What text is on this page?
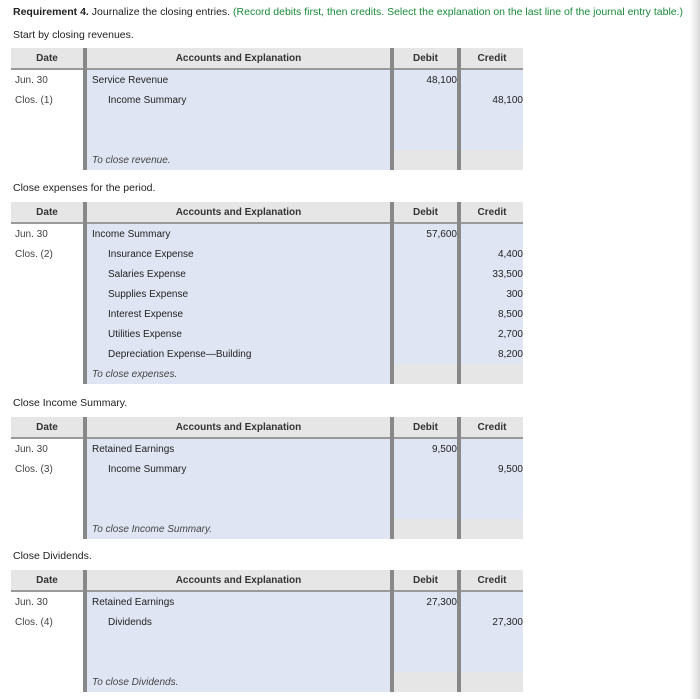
Requirement 4. Journalize the closing entries. (Record debits first, then credits. Select the explanation on the last line of the journal entry table.)
Start by closing revenues.
Date	Accounts and Explanation	Debit	Credit
Jun. 30	Service Revenue	48,100	
Clos. (1)	Income Summary		48,100

	To close revenue.		
Close expenses for the period.
Date	Accounts and Explanation	Debit	Credit
Jun. 30	Income Summary	57,600	
Clos. (2)	Insurance Expense		4,400
	Salaries Expense		33,500
	Supplies Expense		300
	Interest Expense		8,500
	Utilities Expense		2,700
	Depreciation Expense—Building		8,200
	To close expenses.		
Close Income Summary.
Date	Accounts and Explanation	Debit	Credit
Jun. 30	Retained Earnings	9,500	
Clos. (3)	Income Summary		9,500

	To close Income Summary.		
Close Dividends.
Date	Accounts and Explanation	Debit	Credit
Jun. 30	Retained Earnings	27,300	
Clos. (4)	Dividends		27,300

	To close Dividends.		
